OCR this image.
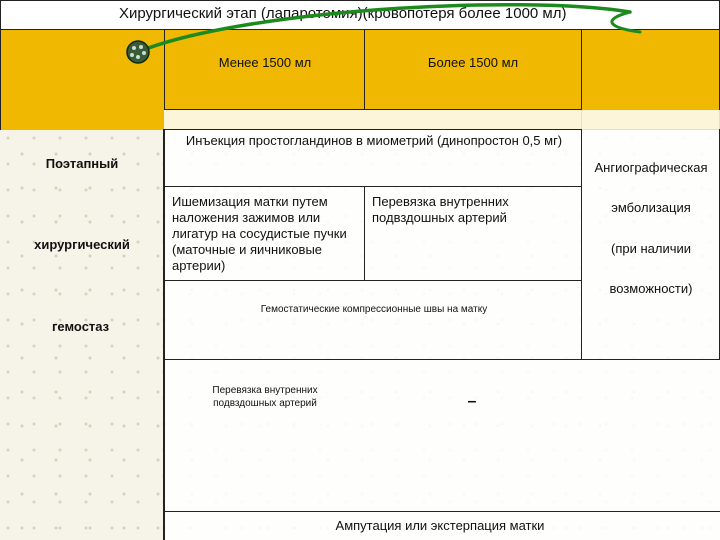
Хирургический этап (лапаротомия)(кровопотеря более 1000 мл)
Менее 1500 мл	Более 1500 мл
Поэтапный
хирургический
гемостаз
Инъекция простогландинов в миометрий (динопростон 0,5 мг)
Ишемизация матки путем наложения зажимов или лигатур на сосудистые пучки (маточные и яичниковые артерии)
Перевязка внутренних подвздошных артерий
Гемостатические компрессионные швы на матку
Перевязка внутренних подвздошных артерий	–
Ампутация или экстерпация матки
Ангиографическая
эмболизация
(при наличии
возможности)
